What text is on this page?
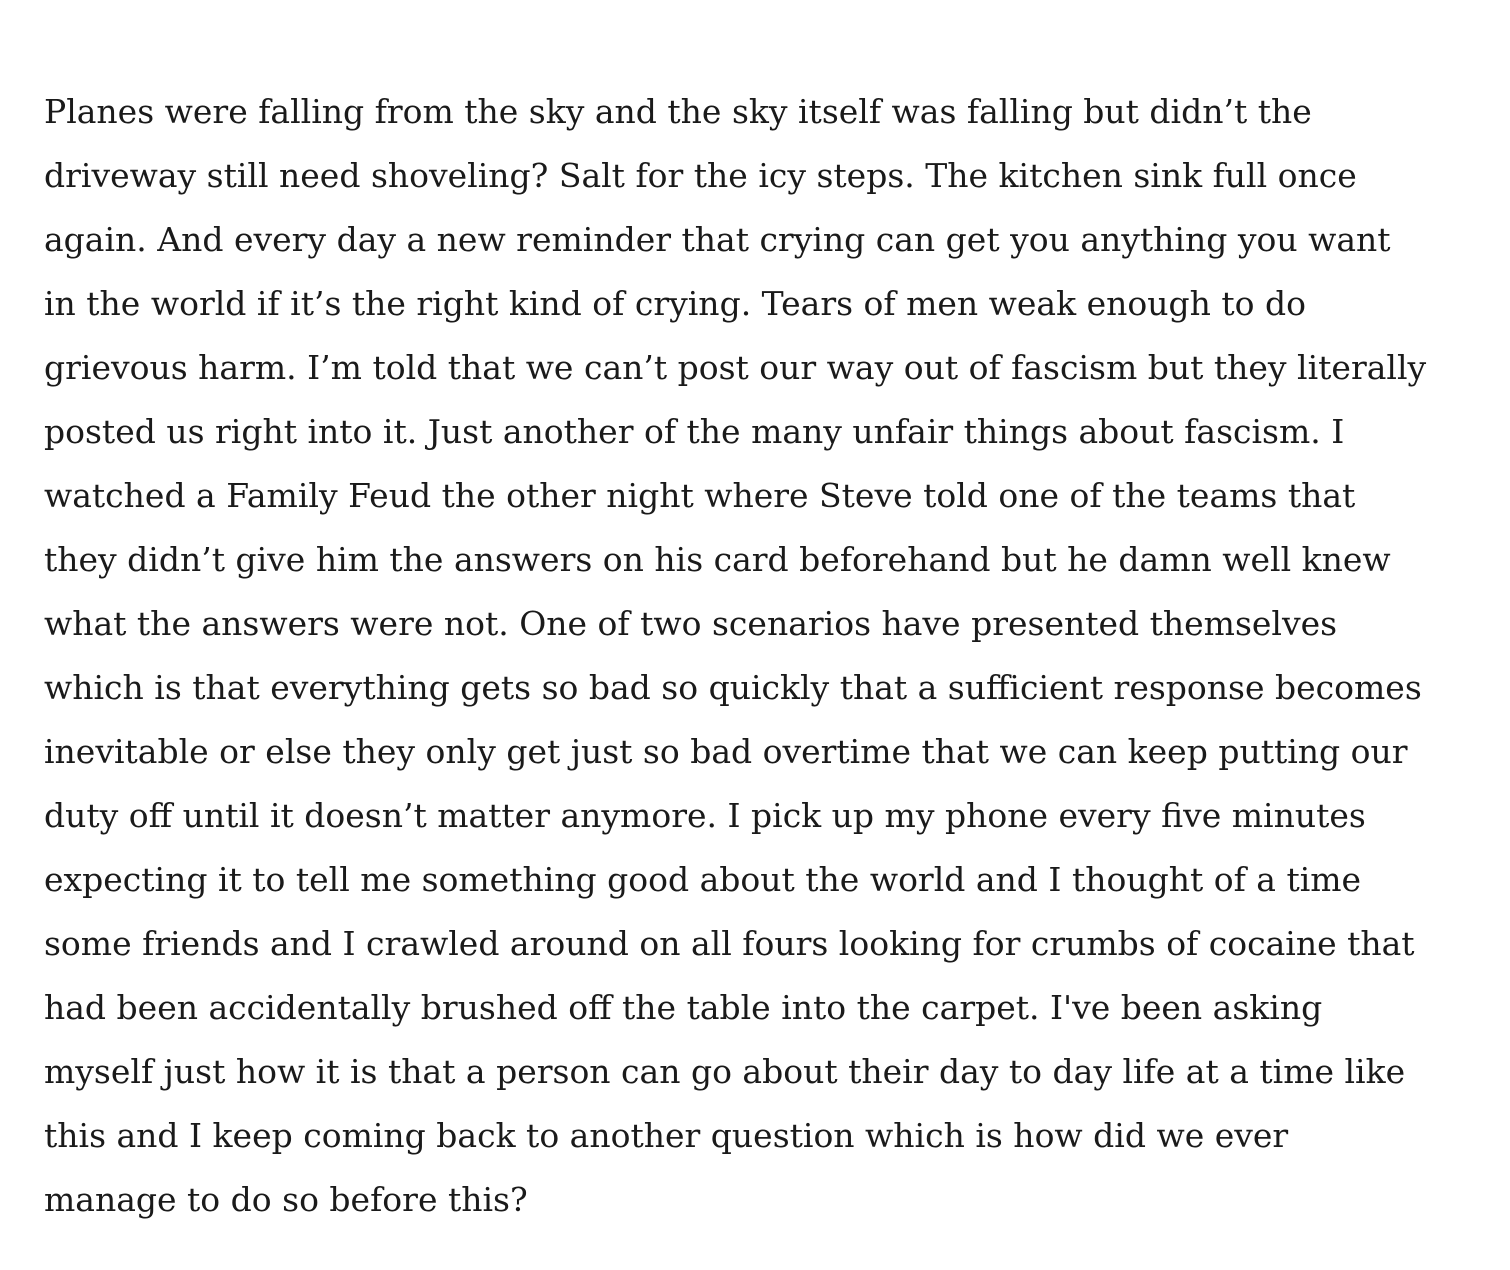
Planes were falling from the sky and the sky itself was falling but didn’t the
driveway still need shoveling? Salt for the icy steps. The kitchen sink full once
again. And every day a new reminder that crying can get you anything you want
in the world if it’s the right kind of crying. Tears of men weak enough to do
grievous harm. I’m told that we can’t post our way out of fascism but they literally
posted us right into it. Just another of the many unfair things about fascism. I
watched a Family Feud the other night where Steve told one of the teams that
they didn’t give him the answers on his card beforehand but he damn well knew
what the answers were not. One of two scenarios have presented themselves
which is that everything gets so bad so quickly that a sufficient response becomes
inevitable or else they only get just so bad overtime that we can keep putting our
duty off until it doesn’t matter anymore. I pick up my phone every five minutes
expecting it to tell me something good about the world and I thought of a time
some friends and I crawled around on all fours looking for crumbs of cocaine that
had been accidentally brushed off the table into the carpet. I've been asking
myself just how it is that a person can go about their day to day life at a time like
this and I keep coming back to another question which is how did we ever
manage to do so before this?
